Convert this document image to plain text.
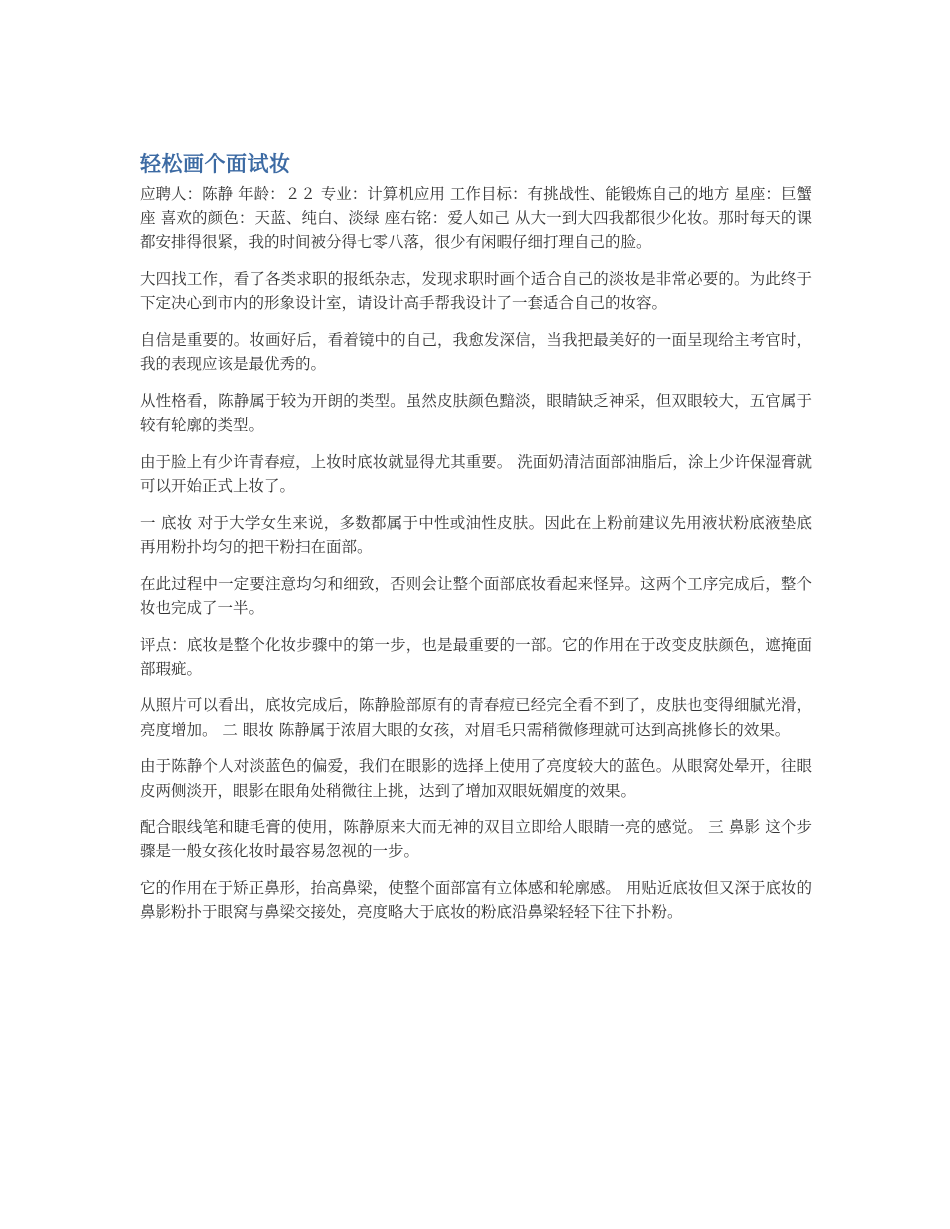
轻松画个面试妆

应聘人：陈静 年龄：２２ 专业：计算机应用 工作目标：有挑战性、能锻炼自己的地方 星座：巨蟹座 喜欢的颜色：天蓝、纯白、淡绿 座右铭：爱人如己 从大一到大四我都很少化妆。那时每天的课都安排得很紧，我的时间被分得七零八落，很少有闲暇仔细打理自己的脸。

大四找工作，看了各类求职的报纸杂志，发现求职时画个适合自己的淡妆是非常必要的。为此终于下定决心到市内的形象设计室，请设计高手帮我设计了一套适合自己的妆容。

自信是重要的。妆画好后，看着镜中的自己，我愈发深信，当我把最美好的一面呈现给主考官时，我的表现应该是最优秀的。

从性格看，陈静属于较为开朗的类型。虽然皮肤颜色黯淡，眼睛缺乏神采，但双眼较大，五官属于较有轮廓的类型。

由于脸上有少许青春痘，上妆时底妆就显得尤其重要。 洗面奶清洁面部油脂后，涂上少许保湿膏就可以开始正式上妆了。

一 底妆 对于大学女生来说，多数都属于中性或油性皮肤。因此在上粉前建议先用液状粉底液垫底再用粉扑均匀的把干粉扫在面部。

在此过程中一定要注意均匀和细致，否则会让整个面部底妆看起来怪异。这两个工序完成后，整个妆也完成了一半。

评点：底妆是整个化妆步骤中的第一步，也是最重要的一部。它的作用在于改变皮肤颜色，遮掩面部瑕疵。

从照片可以看出，底妆完成后，陈静脸部原有的青春痘已经完全看不到了，皮肤也变得细腻光滑，亮度增加。 二 眼妆 陈静属于浓眉大眼的女孩，对眉毛只需稍微修理就可达到高挑修长的效果。

由于陈静个人对淡蓝色的偏爱，我们在眼影的选择上使用了亮度较大的蓝色。从眼窝处晕开，往眼皮两侧淡开，眼影在眼角处稍微往上挑，达到了增加双眼妩媚度的效果。

配合眼线笔和睫毛膏的使用，陈静原来大而无神的双目立即给人眼睛一亮的感觉。 三 鼻影 这个步骤是一般女孩化妆时最容易忽视的一步。

它的作用在于矫正鼻形，抬高鼻梁，使整个面部富有立体感和轮廓感。 用贴近底妆但又深于底妆的鼻影粉扑于眼窝与鼻梁交接处，亮度略大于底妆的粉底沿鼻梁轻轻下往下扑粉。
